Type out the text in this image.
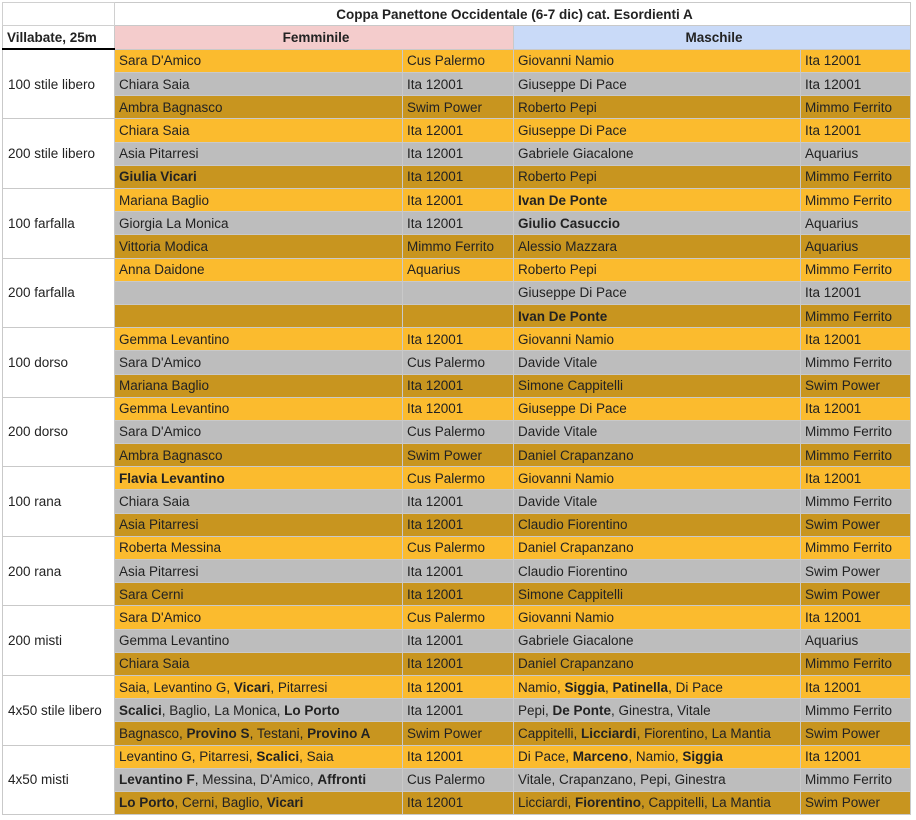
	Coppa Panettone Occidentale (6-7 dic) cat. Esordienti A			
Villabate, 25m	Femminile		Maschile	
100 stile libero	Sara D'Amico	Cus Palermo	Giovanni Namio	Ita 12001
	Chiara Saia	Ita 12001	Giuseppe Di Pace	Ita 12001
	Ambra Bagnasco	Swim Power	Roberto Pepi	Mimmo Ferrito
200 stile libero	Chiara Saia	Ita 12001	Giuseppe Di Pace	Ita 12001
	Asia Pitarresi	Ita 12001	Gabriele Giacalone	Aquarius
	Giulia Vicari	Ita 12001	Roberto Pepi	Mimmo Ferrito
100 farfalla	Mariana Baglio	Ita 12001	Ivan De Ponte	Mimmo Ferrito
	Giorgia La Monica	Ita 12001	Giulio Casuccio	Aquarius
	Vittoria Modica	Mimmo Ferrito	Alessio Mazzara	Aquarius
200 farfalla	Anna Daidone	Aquarius	Roberto Pepi	Mimmo Ferrito
			Giuseppe Di Pace	Ita 12001
			Ivan De Ponte	Mimmo Ferrito
100 dorso	Gemma Levantino	Ita 12001	Giovanni Namio	Ita 12001
	Sara D'Amico	Cus Palermo	Davide Vitale	Mimmo Ferrito
	Mariana Baglio	Ita 12001	Simone Cappitelli	Swim Power
200 dorso	Gemma Levantino	Ita 12001	Giuseppe Di Pace	Ita 12001
	Sara D'Amico	Cus Palermo	Davide Vitale	Mimmo Ferrito
	Ambra Bagnasco	Swim Power	Daniel Crapanzano	Mimmo Ferrito
100 rana	Flavia Levantino	Cus Palermo	Giovanni Namio	Ita 12001
	Chiara Saia	Ita 12001	Davide Vitale	Mimmo Ferrito
	Asia Pitarresi	Ita 12001	Claudio Fiorentino	Swim Power
200 rana	Roberta Messina	Cus Palermo	Daniel Crapanzano	Mimmo Ferrito
	Asia Pitarresi	Ita 12001	Claudio Fiorentino	Swim Power
	Sara Cerni	Ita 12001	Simone Cappitelli	Swim Power
200 misti	Sara D'Amico	Cus Palermo	Giovanni Namio	Ita 12001
	Gemma Levantino	Ita 12001	Gabriele Giacalone	Aquarius
	Chiara Saia	Ita 12001	Daniel Crapanzano	Mimmo Ferrito
4x50 stile libero	Saia, Levantino G, Vicari, Pitarresi	Ita 12001	Namio, Siggia, Patinella, Di Pace	Ita 12001
	Scalici, Baglio, La Monica, Lo Porto	Ita 12001	Pepi, De Ponte, Ginestra, Vitale	Mimmo Ferrito
	Bagnasco, Provino S, Testani, Provino A	Swim Power	Cappitelli, Licciardi, Fiorentino, La Mantia	Swim Power
4x50 misti	Levantino G, Pitarresi, Scalici, Saia	Ita 12001	Di Pace, Marceno, Namio, Siggia	Ita 12001
	Levantino F, Messina, D'Amico, Affronti	Cus Palermo	Vitale, Crapanzano, Pepi, Ginestra	Mimmo Ferrito
	Lo Porto, Cerni, Baglio, Vicari	Ita 12001	Licciardi, Fiorentino, Cappitelli, La Mantia	Swim Power
